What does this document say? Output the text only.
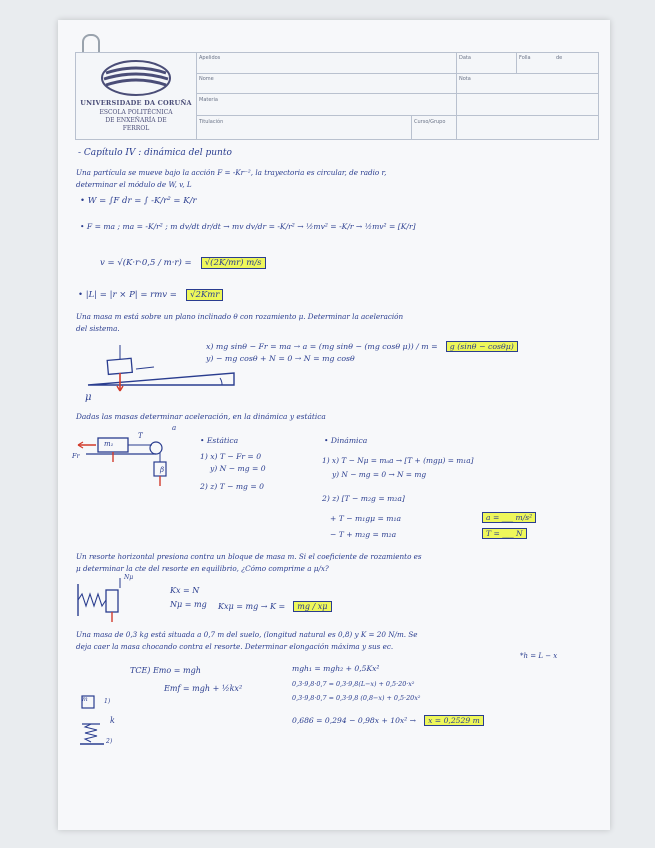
UNIVERSIDADE DA CORUÑA
ESCOLA POLITÉCNICA
DE ENXEÑARÍA DE
FERROL
Apelidos	Data	Folla	de
Nome	Nota
Materia
Titulación	Curso/Grupo
- Capítulo IV : dinámica del punto
Una partícula se mueve bajo la acción F = -Kr⁻², la trayectoria es circular, de radio r,
determinar el módulo de W, v, L
• W = ∫F dr = ∫ -K/r² = K/r
• F = ma ; ma = -K/r² ; m dv/dt dr/dt → mv dv/dr = -K/r² → ½mv² = -K/r → ½mv² = [K/r]
v = √(K·r·0,5 / m·r) = √(2K/mr) m/s
• |L| = |r × P| = rmv = √2Kmr
Una masa m está sobre un plano inclinado θ con rozamiento μ. Determinar la aceleración
del sistema.
μ
x) mg sinθ − Fr = ma → a = (mg sinθ − (mg cosθ μ)) / m = g (sinθ − cosθμ)
y) − mg cosθ + N = 0 → N = mg cosθ
Dadas las masas determinar aceleración, en la dinámica y estática
m₁
β
T
Fr
a
• Estática
1) x) T − Fr = 0
y) N − mg = 0
2) z) T − mg = 0
• Dinámica
1) x) T − Nμ = mₐa → [T + (mgμ) = m₁a]
y) N − mg = 0 → N = mg
2) z) [T − m₂g = m₂a]
+ T − m₁gμ = m₁a
− T + m₂g = m₂a
a = ___ m/s²
T = ___ N
Un resorte horizontal presiona contra un bloque de masa m. Si el coeficiente de rozamiento es
μ determinar la cte del resorte en equilibrio, ¿Cómo comprime a μ/x?
Nμ
Kx = N
Nμ = mg Kxμ = mg → K = mg / xμ
Una masa de 0,3 kg está situada a 0,7 m del suelo, (longitud natural es 0,8) y K = 20 N/m. Se
deja caer la masa chocando contra el resorte. Determinar elongación máxima y sus ec.
TCE) Emo = mgh
Emf = mgh + ½kx²
*h = L − x
mgh₁ = mgh₂ + 0,5Kx²
0,3·9,8·0,7 = 0,3·9,8(L−x) + 0,5·20·x²
0,3·9,8·0,7 = 0,3·9,8 (0,8−x) + 0,5·20x²
0,686 = 0,294 − 0,98x + 10x² → x = 0,2529 m
m	1)
k
2)
